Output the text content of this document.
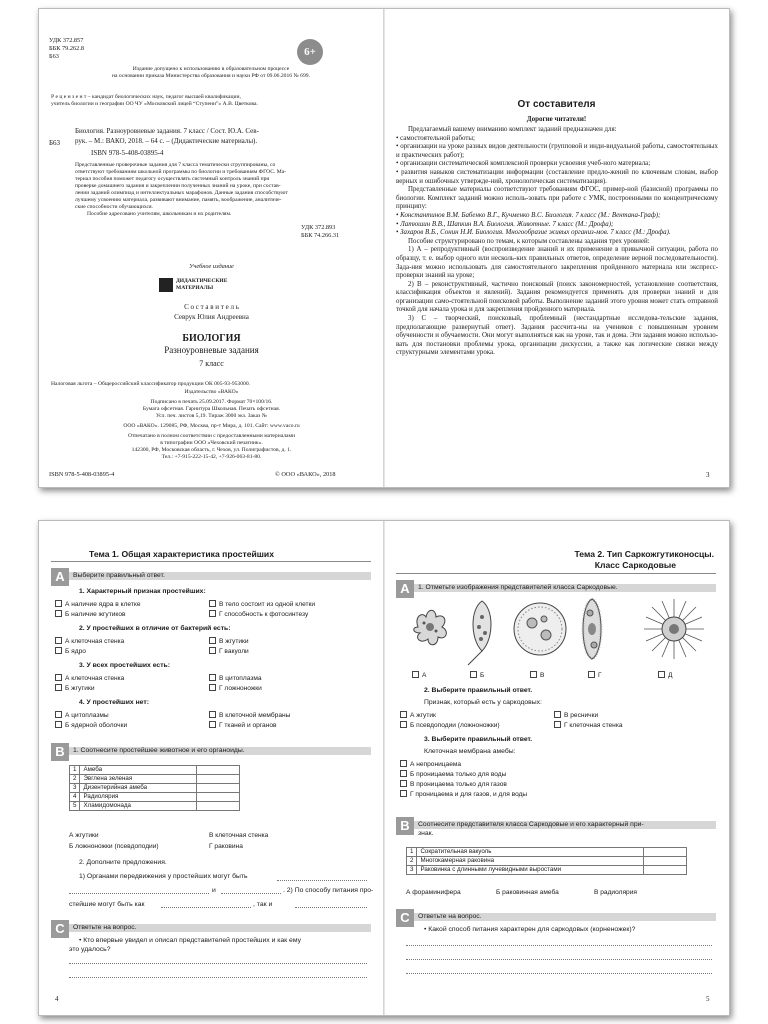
УДК 372.857
ББК 79.262.8
Б63	6+
Издание допущено к использованию в образовательном процессе
на основании приказа Министерства образования и науки РФ от 09.06.2016 № 699.
Р е ц е н з е н т – кандидат биологических наук, педагог высшей квалификации,
учитель биологии и географии ОО ЧУ «Московский лицей “Ступени”» А.В. Цветкова.
Б63
Биология. Разноуровневые задания. 7 класс / Сост. Ю.А. Сев-
рук. – М.: ВАКО, 2018. – 64 с. – (Дидактические материалы).
ISBN 978-5-408-03895-4
Представленные проверочные задания для 7 класса тематически сгруппированы, со
ответствуют требованиям школьной программы по биологии и требованиям ФГОС. Ма-
териал пособия поможет педагогу осуществлять системный контроль знаний при
проверке домашнего задания и закреплении полученных знаний на уроке, при состав-
лении заданий олимпиад и интеллектуальных марафонов. Данные задания способствуют
лучшему усвоению материала, развивают внимание, память, воображение, аналитиче-
ские способности обучающихся.
Пособие адресовано учителям, школьникам и их родителям.
УДК 372.893
ББК 74.266.31
Учебное издание
ДИДАКТИЧЕСКИЕ
МАТЕРИАЛЫ
С о с т а в и т е л ь
Севрук Юлия Андреевна
БИОЛОГИЯ
Разноуровневые задания
7 класс
Налоговая льгота – Общероссийский классификатор продукции ОК 005-93-953000.
Издательство «ВАКО»
Подписано в печать 25.09.2017. Формат 70×100/16.
Бумага офсетная. Гарнитура Школьная. Печать офсетная.
Усл. печ. листов 5,19. Тираж 3000 экз. Заказ №
ООО «ВАКО». 129085, РФ, Москва, пр-т Мира, д. 101. Сайт: www.vaco.ru
Отпечатано в полном соответствии с предоставленными материалами
в типографии ООО «Чеховский печатник».
142300, РФ, Московская область, г. Чехов, ул. Полиграфистов, д. 1.
Тел.: +7-915-222-15-42, +7-926-063-81-80.
ISBN 978-5-408-03895-4	© ООО «ВАКО», 2018
От составителя
Дорогие читатели!

Предлагаемый вашему вниманию комплект заданий предназначен для:

• самостоятельной работы;

• организации на уроке разных видов деятельности (групповой и инди-видуальной работы, самостоятельных и практических работ);

• организации систематической комплексной проверки усвоения учеб-ного материала;

• развития навыков систематизации информации (составление предло-жений по ключевым словам, выбор верных и ошибочных утвержде-ний, хронологическая систематизация).

Представленные материалы соответствуют требованиям ФГОС, пример-ной (базисной) программы по биологии. Комплект заданий можно исполь-зовать при работе с УМК, построенными по концентрическому принципу:

• Константинов В.М. Бабенко В.Г., Кучменко В.С. Биология. 7 класс (М.: Вентана-Граф);

• Латюшин В.В., Шапкин В.А. Биология. Животные. 7 класс (М.: Дрофа);

• Захаров В.Б., Сонин Н.И. Биология. Многообразие живых организ-мов. 7 класс (М.: Дрофа).

Пособие структурировано по темам, к которым составлены задания трех уровней:

1) А – репродуктивный (воспроизведение знаний и их применение в привычной ситуации, работа по образцу, т. е. выбор одного или несколь-ких правильных ответов, определение верной последовательности). Зада-ния можно использовать для самостоятельного закрепления пройденного материала или экспресс-проверки знаний на уроке;

2) В – реконструктивный, частично поисковый (поиск закономерностей, установление соответствия, классификация объектов и явлений). Задания рекомендуется применять для проверки знаний и для организации само-стоятельной поисковой работы. Выполнение заданий этого уровня может стать отправной точкой для начала урока и для закрепления пройденного материала.

3) С – творческий, поисковый, проблемный (нестандартные исследова-тельские задания, предполагающие развернутый ответ). Задания рассчита-ны на учеников с повышенным уровнем обученности и обучаемости. Они могут выполняться как на уроке, так и дома. Эти задания можно использо-вать для постановки проблемы урока, организации дискуссии, а также как логические связки между структурными элементами урока.

3
Тема 1. Общая характеристика простейших
A	Выберите правильный ответ.
1. Характерный признак простейших:
А наличие ядра в клетке	В тело состоит из одной клетки
Б наличие жгутиков	Г способность к фотосинтезу
2. У простейших в отличие от бактерий есть:
А клеточная стенка	В жгутики
Б ядро	Г вакуоли
3. У всех простейших есть:
А клеточная стенка	В цитоплазма
Б жгутики	Г ложноножки
4. У простейших нет:
А цитоплазмы	В клеточной мембраны
Б ядерной оболочки	Г тканей и органов
B	1. Соотнесите простейшее животное и его органоиды.
1	Амеба	
2	Эвглена зеленая	
3	Дизентерийная амеба	
4	Радиолярия	
5	Хламидомонада	
А жгутики	В клеточная стенка
Б ложноножки (псевдоподии)	Г раковина
2. Дополните предложения.
1) Органами передвижения у простейших могут быть
и	. 2) По способу питания про-
стейшие могут быть как	, так и
C	Ответьте на вопрос.
• Кто впервые увидел и описал представителей простейших и как ему
это удалось?
4
Тема 2. Тип Саркожгутиконосцы.
Класс Саркодовые
A	1. Отметьте изображения представителей класса Саркодовые.
А	Б	В	Г	Д
2. Выберите правильный ответ.
Признак, который есть у саркодовых:
А жгутик	В реснички
Б псевдоподии (ложноножки)	Г клеточная стенка
3. Выберите правильный ответ.
Клеточная мембрана амебы:
А непроницаема
Б проницаема только для воды
В проницаема только для газов
Г проницаема и для газов, и для воды
B	Соотнесите представителя класса Саркодовые и его характерный при-
знак.
1	Сократительная вакуоль	
2	Многокамерная раковина	
3	Раковинка с длинными лучевидными выростами	
А фораминифера	Б раковинная амеба	В радиолярия
C	Ответьте на вопрос.
• Какой способ питания характерен для саркодовых (корненожек)?
5
